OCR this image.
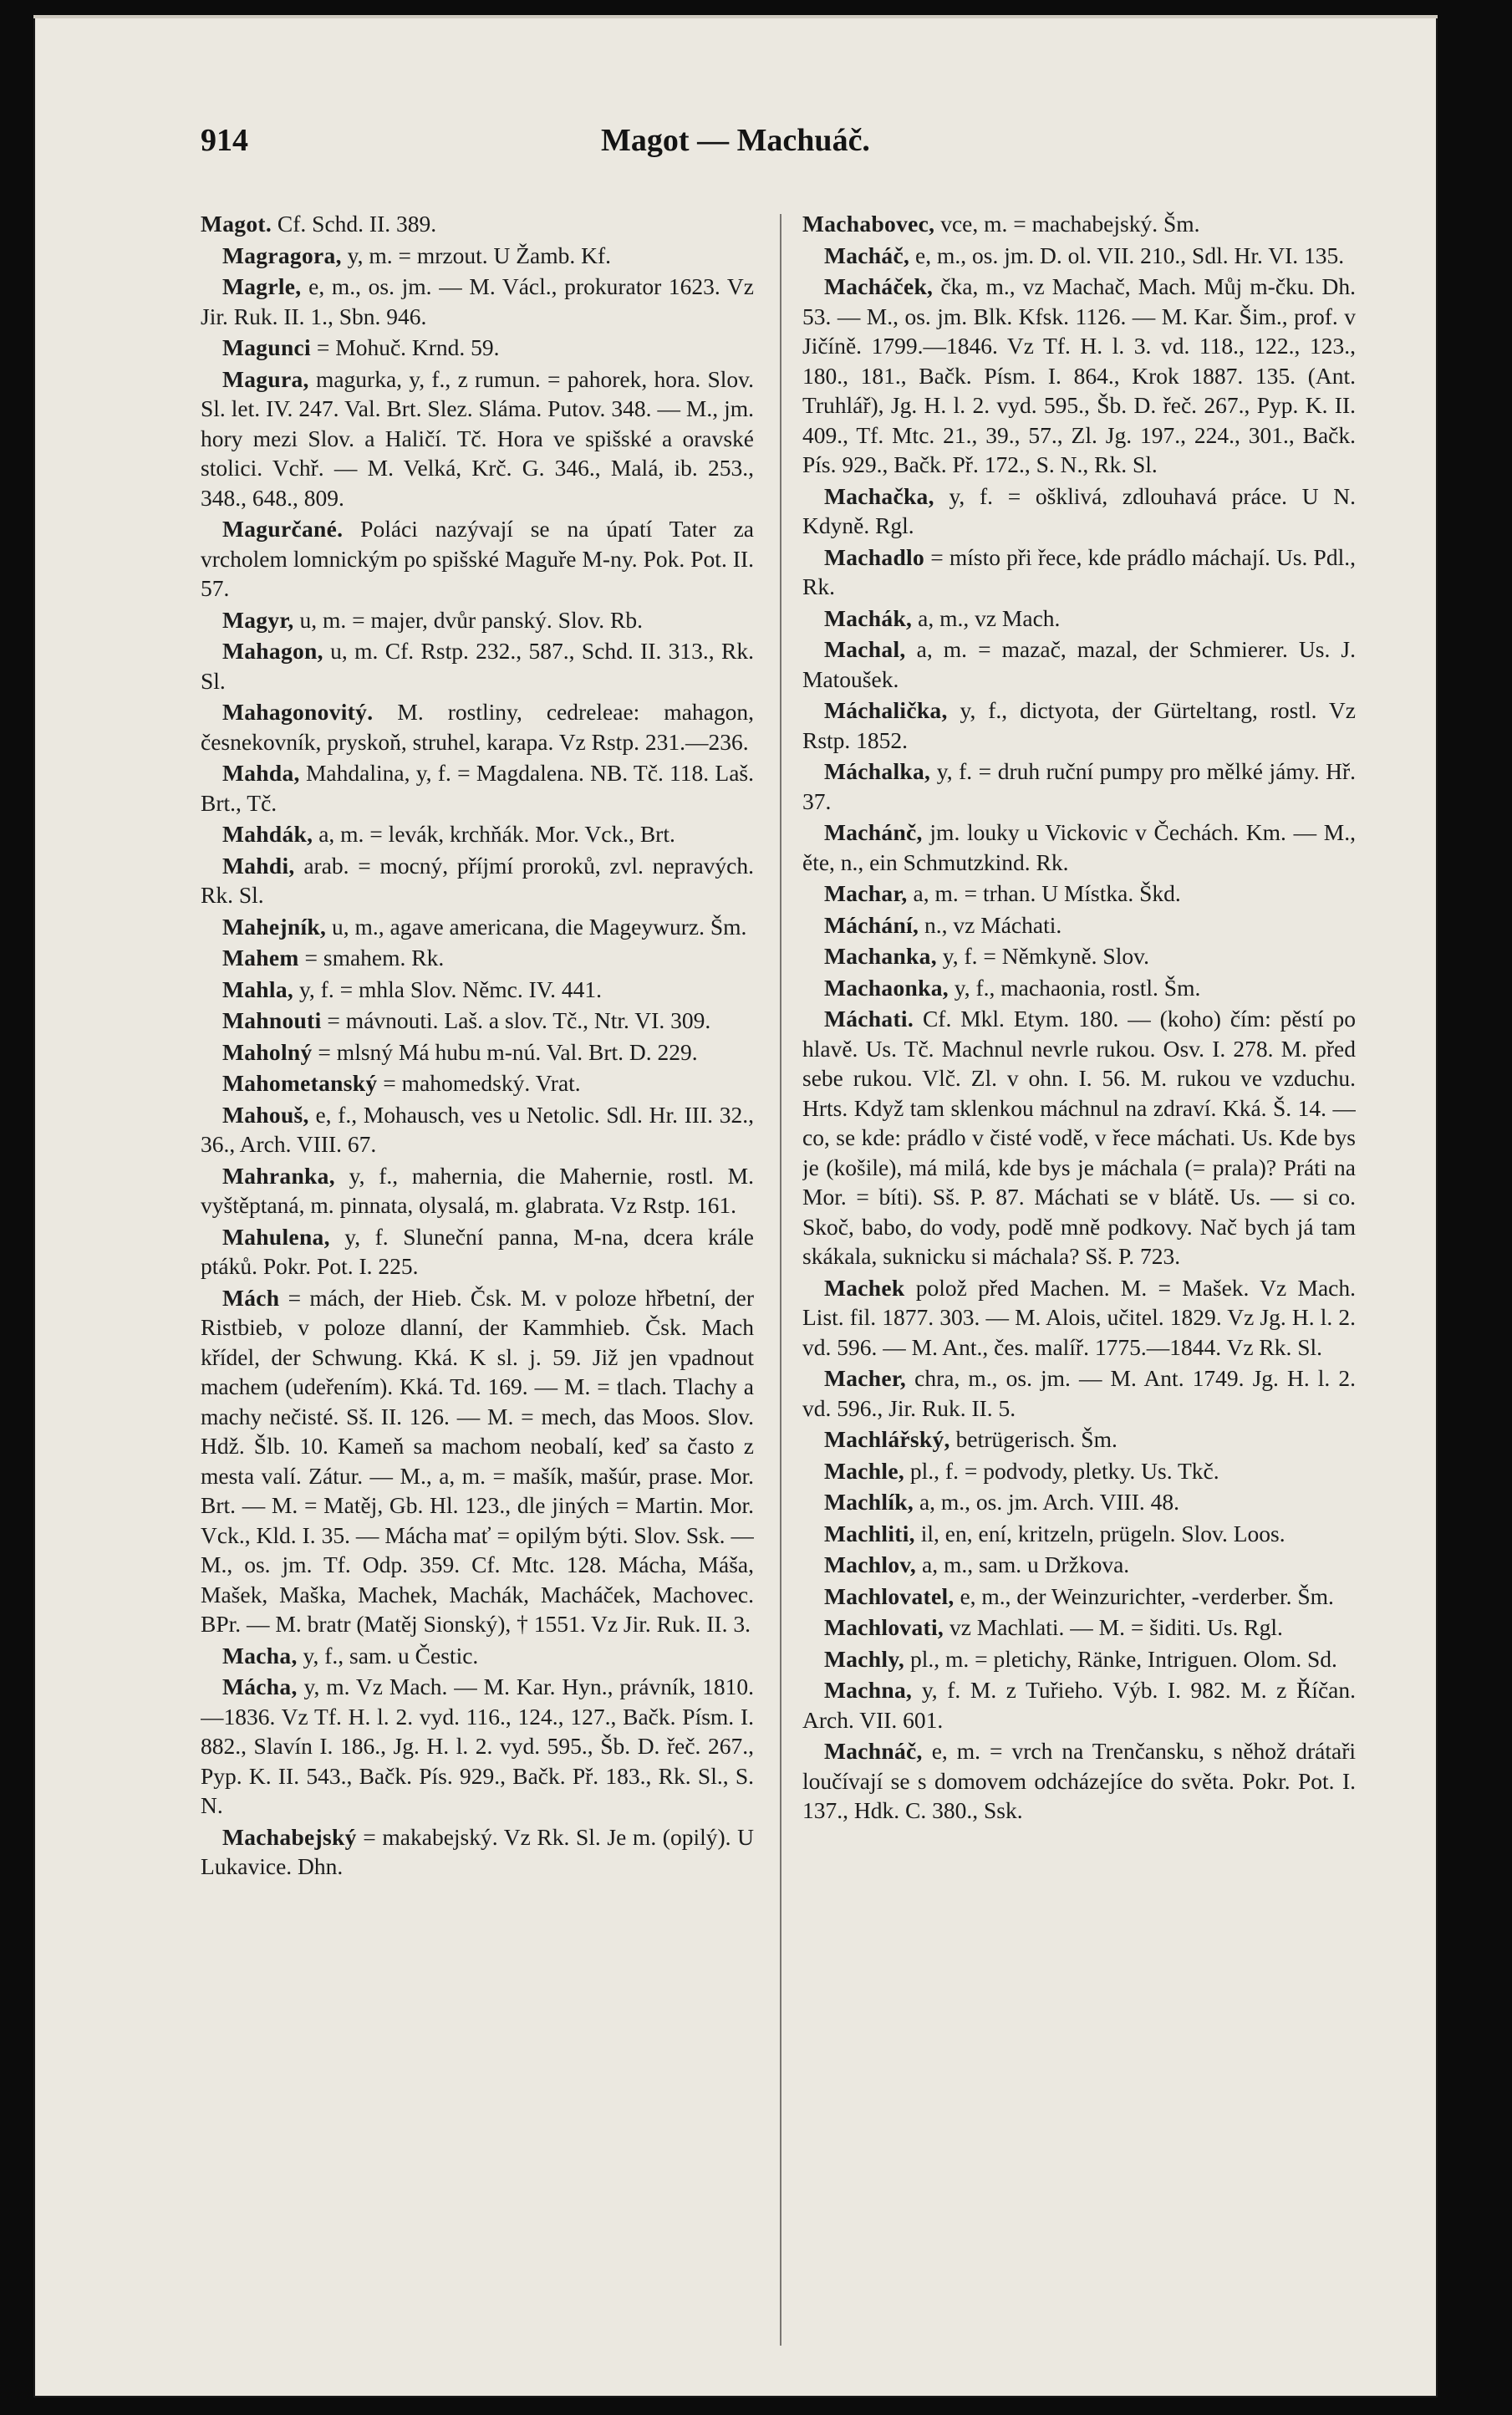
914	Magot — Machuáč.

Magot. Cf. Schd. II. 389.

Magragora, y, m. = mrzout. U Žamb. Kf.

Magrle, e, m., os. jm. — M. Václ., prokurator 1623. Vz Jir. Ruk. II. 1., Sbn. 946.

Magunci = Mohuč. Krnd. 59.

Magura, magurka, y, f., z rumun. = pahorek, hora. Slov. Sl. let. IV. 247. Val. Brt. Slez. Sláma. Putov. 348. — M., jm. hory mezi Slov. a Haličí. Tč. Hora ve spišské a oravské stolici. Vchř. — M. Velká, Krč. G. 346., Malá, ib. 253., 348., 648., 809.

Magurčané. Poláci nazývají se na úpatí Tater za vrcholem lomnickým po spišské Maguře M-ny. Pok. Pot. II. 57.

Magyr, u, m. = majer, dvůr panský. Slov. Rb.

Mahagon, u, m. Cf. Rstp. 232., 587., Schd. II. 313., Rk. Sl.

Mahagonovitý. M. rostliny, cedreleae: mahagon, česnekovník, pryskoň, struhel, karapa. Vz Rstp. 231.—236.

Mahda, Mahdalina, y, f. = Magdalena. NB. Tč. 118. Laš. Brt., Tč.

Mahdák, a, m. = levák, krchňák. Mor. Vck., Brt.

Mahdi, arab. = mocný, příjmí proroků, zvl. nepravých. Rk. Sl.

Mahejník, u, m., agave americana, die Mageywurz. Šm.

Mahem = smahem. Rk.

Mahla, y, f. = mhla Slov. Němc. IV. 441.

Mahnouti = mávnouti. Laš. a slov. Tč., Ntr. VI. 309.

Maholný = mlsný Má hubu m-nú. Val. Brt. D. 229.

Mahometanský = mahomedský. Vrat.

Mahouš, e, f., Mohausch, ves u Netolic. Sdl. Hr. III. 32., 36., Arch. VIII. 67.

Mahranka, y, f., mahernia, die Mahernie, rostl. M. vyštěptaná, m. pinnata, olysalá, m. glabrata. Vz Rstp. 161.

Mahulena, y, f. Sluneční panna, M-na, dcera krále ptáků. Pokr. Pot. I. 225.

Mách = mách, der Hieb. Čsk. M. v poloze hřbetní, der Ristbieb, v poloze dlanní, der Kammhieb. Čsk. Mach křídel, der Schwung. Kká. K sl. j. 59. Již jen vpadnout machem (udeřením). Kká. Td. 169. — M. = tlach. Tlachy a machy nečisté. Sš. II. 126. — M. = mech, das Moos. Slov. Hdž. Šlb. 10. Kameň sa machom neobalí, keď sa často z mesta valí. Zátur. — M., a, m. = mašík, mašúr, prase. Mor. Brt. — M. = Matěj, Gb. Hl. 123., dle jiných = Martin. Mor. Vck., Kld. I. 35. — Mácha mať = opilým býti. Slov. Ssk. — M., os. jm. Tf. Odp. 359. Cf. Mtc. 128. Mácha, Máša, Mašek, Maška, Machek, Machák, Macháček, Machovec. BPr. — M. bratr (Matěj Sionský), † 1551. Vz Jir. Ruk. II. 3.

Macha, y, f., sam. u Čestic.

Mácha, y, m. Vz Mach. — M. Kar. Hyn., právník, 1810.—1836. Vz Tf. H. l. 2. vyd. 116., 124., 127., Bačk. Písm. I. 882., Slavín I. 186., Jg. H. l. 2. vyd. 595., Šb. D. řeč. 267., Pyp. K. II. 543., Bačk. Pís. 929., Bačk. Př. 183., Rk. Sl., S. N.

Machabejský = makabejský. Vz Rk. Sl. Je m. (opilý). U Lukavice. Dhn.

Machabovec, vce, m. = machabejský. Šm.

Macháč, e, m., os. jm. D. ol. VII. 210., Sdl. Hr. VI. 135.

Macháček, čka, m., vz Machač, Mach. Můj m-čku. Dh. 53. — M., os. jm. Blk. Kfsk. 1126. — M. Kar. Šim., prof. v Jičíně. 1799.—1846. Vz Tf. H. l. 3. vd. 118., 122., 123., 180., 181., Bačk. Písm. I. 864., Krok 1887. 135. (Ant. Truhlář), Jg. H. l. 2. vyd. 595., Šb. D. řeč. 267., Pyp. K. II. 409., Tf. Mtc. 21., 39., 57., Zl. Jg. 197., 224., 301., Bačk. Pís. 929., Bačk. Př. 172., S. N., Rk. Sl.

Machačka, y, f. = ošklivá, zdlouhavá práce. U N. Kdyně. Rgl.

Machadlo = místo při řece, kde prádlo máchají. Us. Pdl., Rk.

Machák, a, m., vz Mach.

Machal, a, m. = mazač, mazal, der Schmierer. Us. J. Matoušek.

Máchalička, y, f., dictyota, der Gürteltang, rostl. Vz Rstp. 1852.

Máchalka, y, f. = druh ruční pumpy pro mělké jámy. Hř. 37.

Machánč, jm. louky u Vickovic v Čechách. Km. — M., ěte, n., ein Schmutzkind. Rk.

Machar, a, m. = trhan. U Místka. Škd.

Máchání, n., vz Máchati.

Machanka, y, f. = Němkyně. Slov.

Machaonka, y, f., machaonia, rostl. Šm.

Máchati. Cf. Mkl. Etym. 180. — (koho) čím: pěstí po hlavě. Us. Tč. Machnul nevrle rukou. Osv. I. 278. M. před sebe rukou. Vlč. Zl. v ohn. I. 56. M. rukou ve vzduchu. Hrts. Když tam sklenkou máchnul na zdraví. Kká. Š. 14. — co, se kde: prádlo v čisté vodě, v řece máchati. Us. Kde bys je (košile), má milá, kde bys je máchala (= prala)? Práti na Mor. = bíti). Sš. P. 87. Máchati se v blátě. Us. — si co. Skoč, babo, do vody, podě mně podkovy. Nač bych já tam skákala, suknicku si máchala? Sš. P. 723.

Machek polož před Machen. M. = Mašek. Vz Mach. List. fil. 1877. 303. — M. Alois, učitel. 1829. Vz Jg. H. l. 2. vd. 596. — M. Ant., čes. malíř. 1775.—1844. Vz Rk. Sl.

Macher, chra, m., os. jm. — M. Ant. 1749. Jg. H. l. 2. vd. 596., Jir. Ruk. II. 5.

Machlářský, betrügerisch. Šm.

Machle, pl., f. = podvody, pletky. Us. Tkč.

Machlík, a, m., os. jm. Arch. VIII. 48.

Machliti, il, en, ení, kritzeln, prügeln. Slov. Loos.

Machlov, a, m., sam. u Držkova.

Machlovatel, e, m., der Weinzurichter, -verderber. Šm.

Machlovati, vz Machlati. — M. = šiditi. Us. Rgl.

Machly, pl., m. = pletichy, Ränke, Intriguen. Olom. Sd.

Machna, y, f. M. z Tuřieho. Výb. I. 982. M. z Říčan. Arch. VII. 601.

Machnáč, e, m. = vrch na Trenčansku, s něhož drátaři loučívají se s domovem odcházejíce do světa. Pokr. Pot. I. 137., Hdk. C. 380., Ssk.
